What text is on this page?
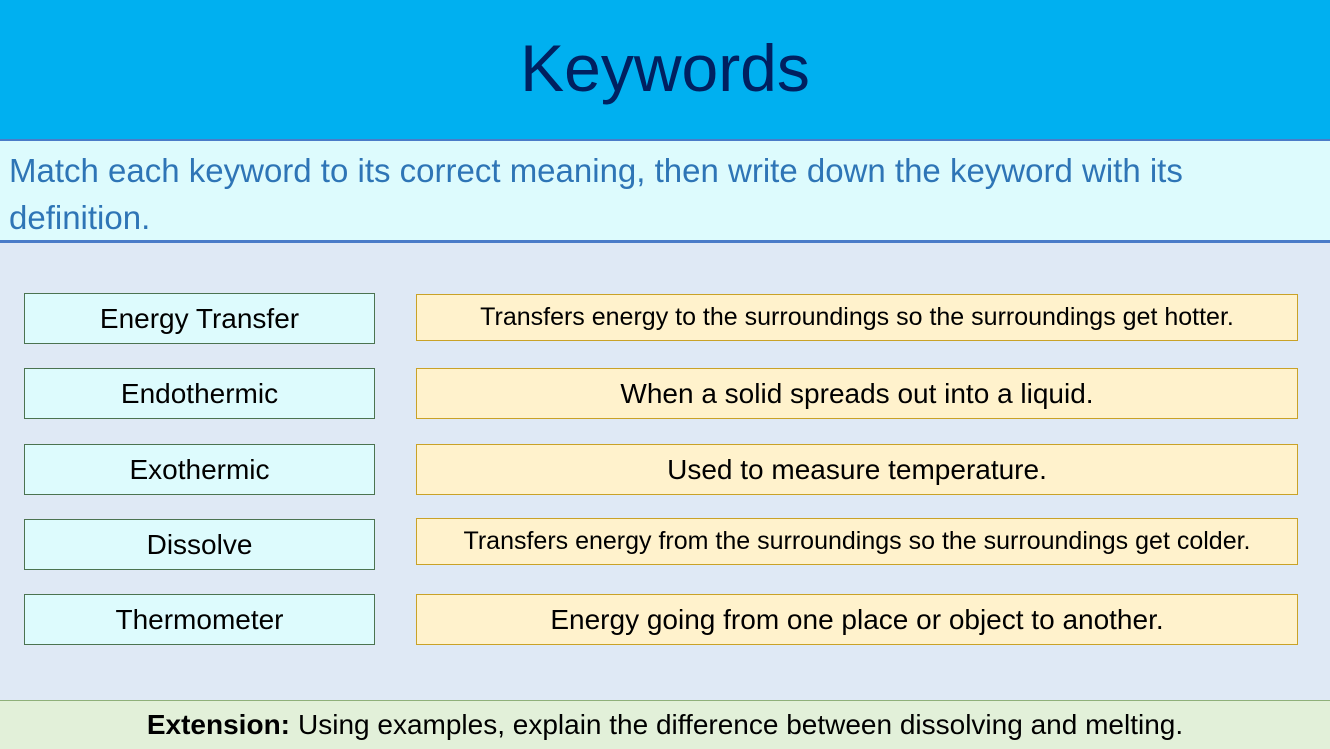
Keywords
Match each keyword to its correct meaning, then write down the keyword with its definition.
Energy Transfer
Endothermic
Exothermic
Dissolve
Thermometer
Transfers energy to the surroundings so the surroundings get hotter.
When a solid spreads out into a liquid.
Used to measure temperature.
Transfers energy from the surroundings so the surroundings get colder.
Energy going from one place or object to another.
Extension: Using examples, explain the difference between dissolving and melting.
